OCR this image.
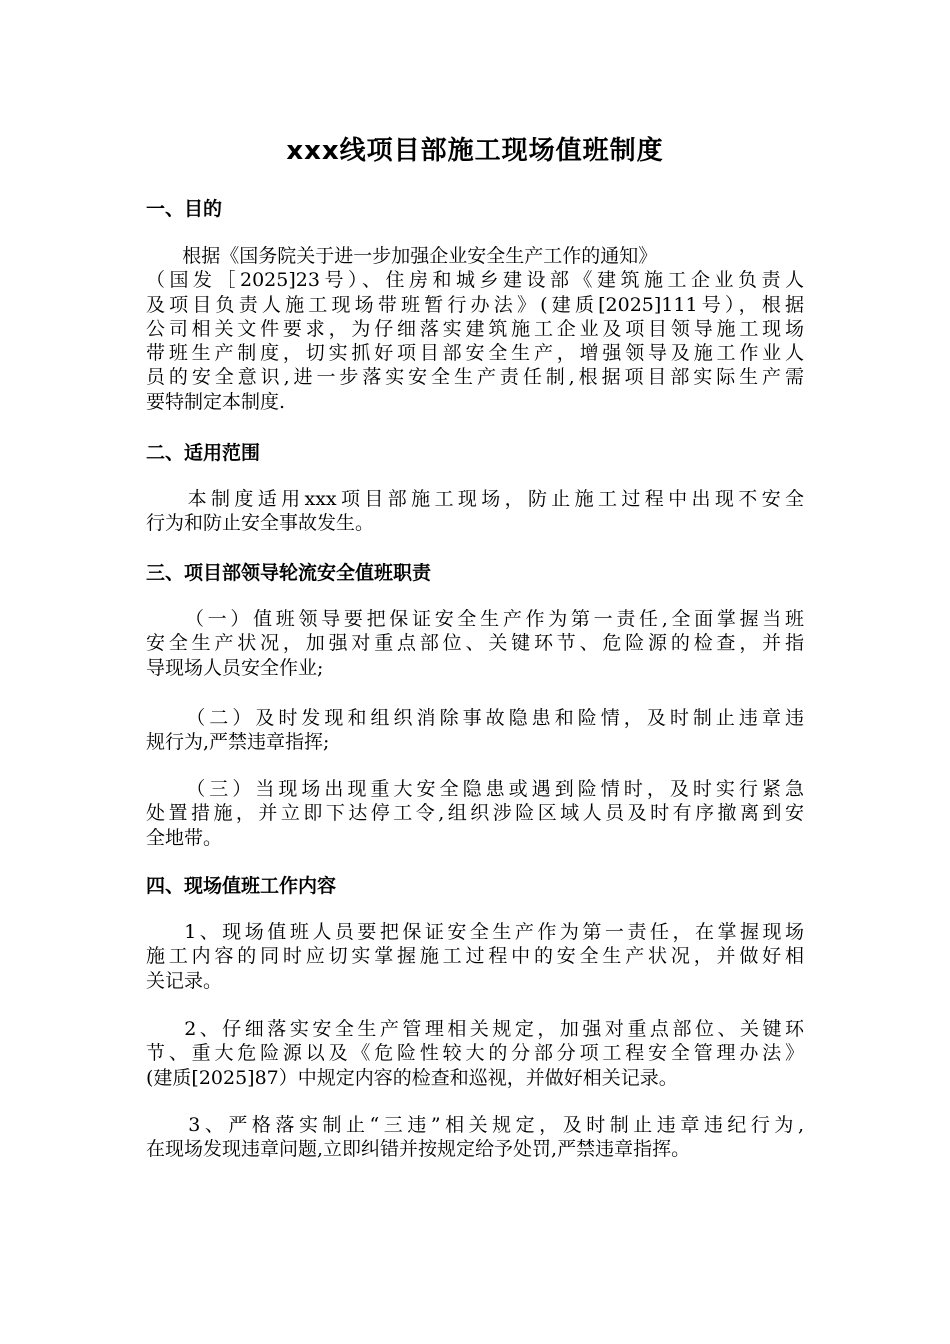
xxx线项目部施工现场值班制度
一、目的
根据《国务院关于进一步加强企业安全生产工作的通知》
（国发［2025]23号）、住房和城乡建设部《建筑施工企业负责人
及项目负责人施工现场带班暂行办法》(建质[2025]111号），根据
公司相关文件要求，为仔细落实建筑施工企业及项目领导施工现场
带班生产制度，切实抓好项目部安全生产，增强领导及施工作业人
员的安全意识,进一步落实安全生产责任制,根据项目部实际生产需
要特制定本制度.
二、适用范围
本制度适用xxx项目部施工现场，防止施工过程中出现不安全
行为和防止安全事故发生。
三、项目部领导轮流安全值班职责
（一）值班领导要把保证安全生产作为第一责任,全面掌握当班
安全生产状况，加强对重点部位、关键环节、危险源的检查，并指
导现场人员安全作业;
（二）及时发现和组织消除事故隐患和险情，及时制止违章违
规行为,严禁违章指挥;
（三）当现场出现重大安全隐患或遇到险情时，及时实行紧急
处置措施，并立即下达停工令,组织涉险区域人员及时有序撤离到安
全地带。
四、现场值班工作内容
1、现场值班人员要把保证安全生产作为第一责任，在掌握现场
施工内容的同时应切实掌握施工过程中的安全生产状况，并做好相
关记录。
2、仔细落实安全生产管理相关规定，加强对重点部位、关键环
节、重大危险源以及《危险性较大的分部分项工程安全管理办法》
(建质[2025]87）中规定内容的检查和巡视，并做好相关记录。
3、严格落实制止“三违”相关规定，及时制止违章违纪行为,
在现场发现违章问题,立即纠错并按规定给予处罚,严禁违章指挥。
